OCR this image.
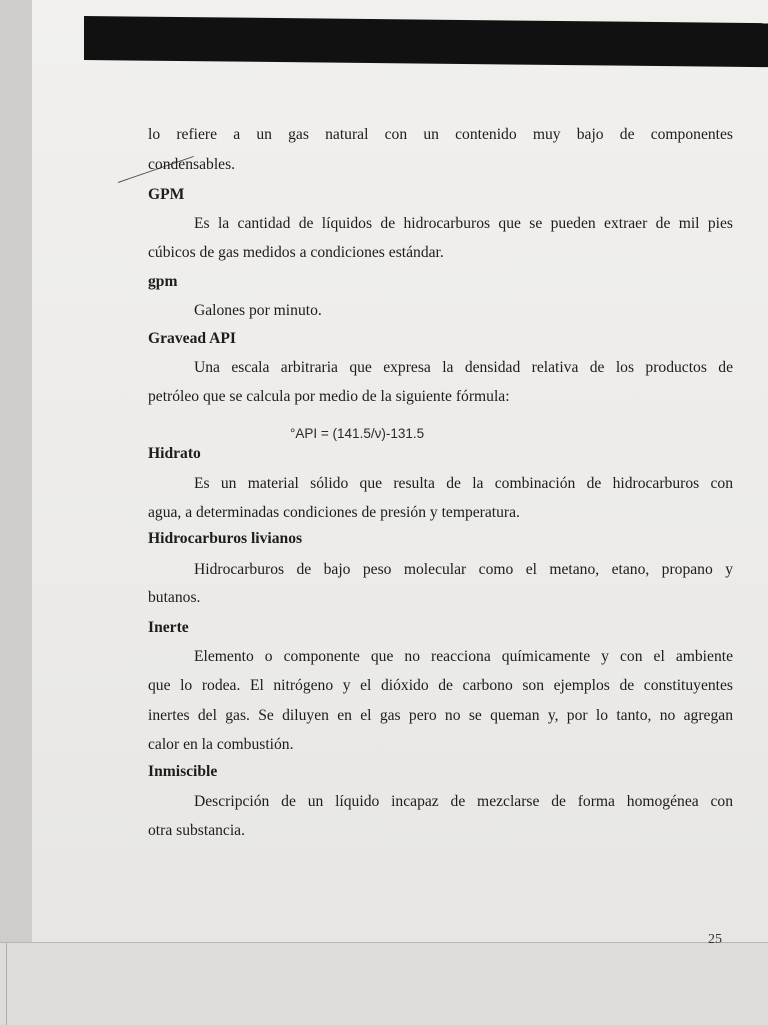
lo refiere a un gas natural con un contenido muy bajo de componentes
condensables.
GPM
Es la cantidad de líquidos de hidrocarburos que se pueden extraer de mil pies
cúbicos de gas medidos a condiciones estándar.
gpm
Galones por minuto.
Gravead API
Una escala arbitraria que expresa la densidad relativa de los productos de
petróleo que se calcula por medio de la siguiente fórmula:
°API = (141.5/ν)-131.5
Hidrato
Es un material sólido que resulta de la combinación de hidrocarburos con
agua, a determinadas condiciones de presión y temperatura.
Hidrocarburos livianos
Hidrocarburos de bajo peso molecular como el metano, etano, propano y
butanos.
Inerte
Elemento o componente que no reacciona químicamente y con el ambiente
que lo rodea. El nitrógeno y el dióxido de carbono son ejemplos de constituyentes
inertes del gas. Se diluyen en el gas pero no se queman y, por lo tanto, no agregan
calor en la combustión.
Inmiscible
Descripción de un líquido incapaz de mezclarse de forma homogénea con
otra substancia.
25
